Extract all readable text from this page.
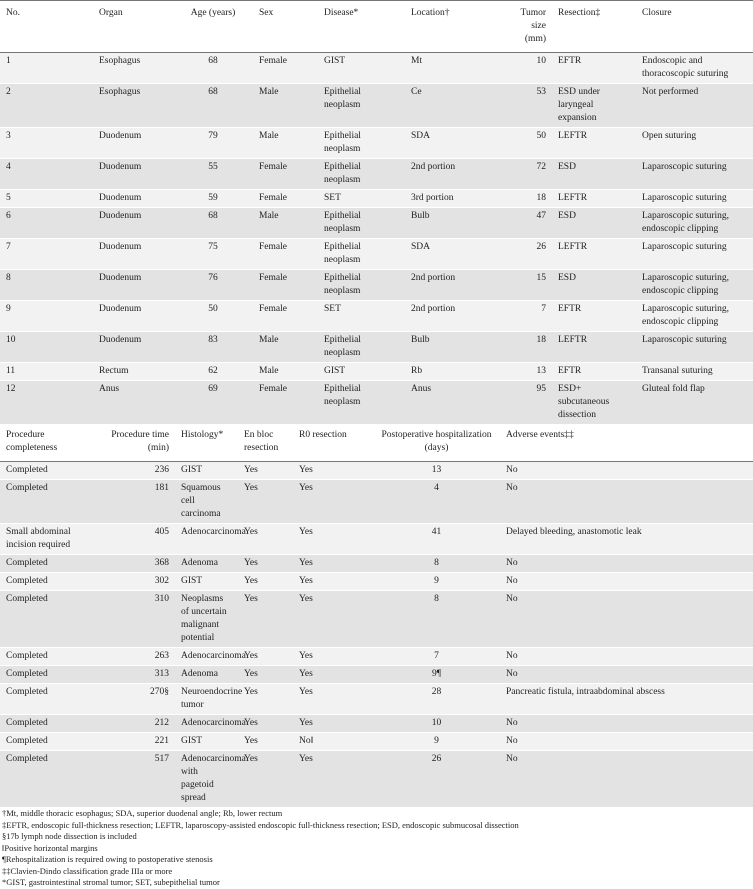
No.	Organ	Age (years)	Sex	Disease*	Location†	Tumor size (mm)	Resection‡	Closure
1	Esophagus	68	Female	GIST	Mt	10	EFTR	Endoscopic and thoracoscopic suturing
2	Esophagus	68	Male	Epithelial neoplasm	Ce	53	ESD under laryngeal expansion	Not performed
3	Duodenum	79	Male	Epithelial neoplasm	SDA	50	LEFTR	Open suturing
4	Duodenum	55	Female	Epithelial neoplasm	2nd portion	72	ESD	Laparoscopic suturing
5	Duodenum	59	Female	SET	3rd portion	18	LEFTR	Laparoscopic suturing
6	Duodenum	68	Male	Epithelial neoplasm	Bulb	47	ESD	Laparoscopic suturing, endoscopic clipping
7	Duodenum	75	Female	Epithelial neoplasm	SDA	26	LEFTR	Laparoscopic suturing
8	Duodenum	76	Female	Epithelial neoplasm	2nd portion	15	ESD	Laparoscopic suturing, endoscopic clipping
9	Duodenum	50	Female	SET	2nd portion	7	EFTR	Laparoscopic suturing, endoscopic clipping
10	Duodenum	83	Male	Epithelial neoplasm	Bulb	18	LEFTR	Laparoscopic suturing
11	Rectum	62	Male	GIST	Rb	13	EFTR	Transanal suturing
12	Anus	69	Female	Epithelial neoplasm	Anus	95	ESD+ subcutaneous dissection	Gluteal fold flap
Procedure completeness	Procedure time (min)	Histology*	En bloc resection	R0 resection	Postoperative hospitalization (days)	Adverse events‡‡
Completed	236	GIST	Yes	Yes	13	No
Completed	181	Squamous cell carcinoma	Yes	Yes	4	No
Small abdominal incision required	405	Adenocarcinoma	Yes	Yes	41	Delayed bleeding, anastomotic leak
Completed	368	Adenoma	Yes	Yes	8	No
Completed	302	GIST	Yes	Yes	9	No
Completed	310	Neoplasms of uncertain malignant potential	Yes	Yes	8	No
Completed	263	Adenocarcinoma	Yes	Yes	7	No
Completed	313	Adenoma	Yes	Yes	9¶	No
Completed	270§	Neuroendocrine tumor	Yes	Yes	28	Pancreatic fistula, intraabdominal abscess
Completed	212	Adenocarcinoma	Yes	Yes	10	No
Completed	221	GIST	Yes	No‖	9	No
Completed	517	Adenocarcinoma with pagetoid spread	Yes	Yes	26	No
†Mt, middle thoracic esophagus; SDA, superior duodenal angle; Rb, lower rectum
‡EFTR, endoscopic full-thickness resection; LEFTR, laparoscopy-assisted endoscopic full-thickness resection; ESD, endoscopic submucosal dissection
§17b lymph node dissection is included
‖Positive horizontal margins
¶Rehospitalization is required owing to postoperative stenosis
‡‡Clavien-Dindo classification grade IIIa or more
*GIST, gastrointestinal stromal tumor; SET, subepithelial tumor
